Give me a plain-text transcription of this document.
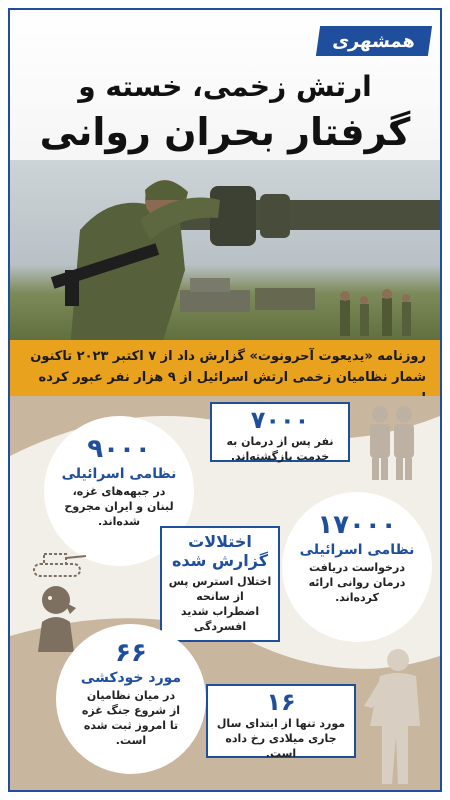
همشهری
ارتش زخمی، خسته و
گرفتار بحران روانی
روزنامه «یدیعوت آحرونوت» گزارش داد از ۷ اکتبر ۲۰۲۳ تاکنون شمار نظامیان زخمی ارتش اسرائیل از ۹ هزار نفر عبور کرده
۷۰۰۰
نفر پس از درمان به خدمت بازگشته‌اند.
۹۰۰۰
نظامی اسرائیلی
در جبهه‌های غزه، لبنان و ایران مجروح شده‌اند.
اختلالات
گزارش شده
اختلال استرس پس از سانحه
اضطراب شدید
افسردگی
۱۷۰۰۰
نظامی اسرائیلی
درخواست دریافت درمان روانی ارائه کرده‌اند.
۶۶
مورد خودکشی
در میان نظامیان از شروع جنگ غزه تا امروز ثبت شده است.
۱۶
مورد تنها از ابتدای سال جاری میلادی رخ داده است.
